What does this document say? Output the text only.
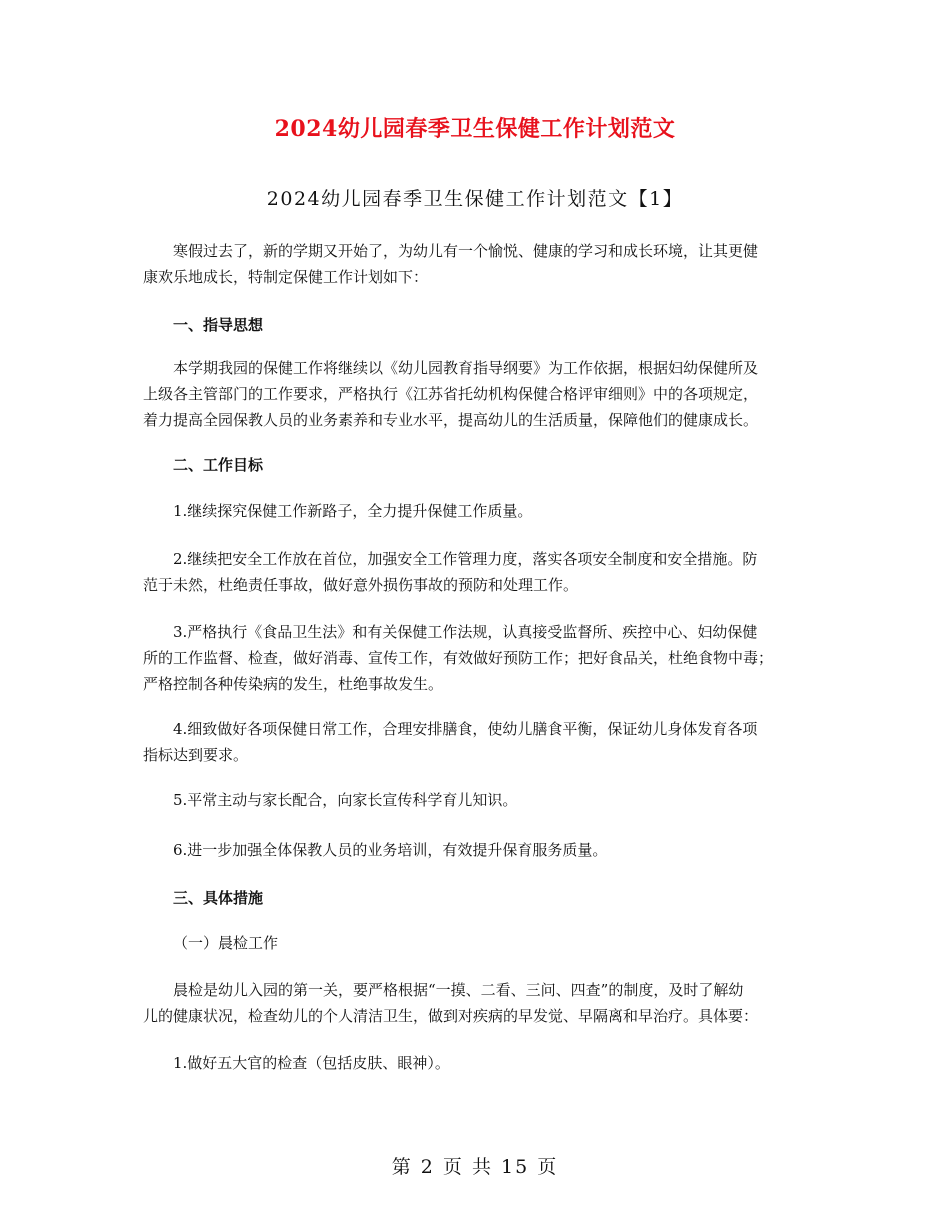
2024幼儿园春季卫生保健工作计划范文
2024幼儿园春季卫生保健工作计划范文【1】
寒假过去了，新的学期又开始了，为幼儿有一个愉悦、健康的学习和成长环境，让其更健
康欢乐地成长，特制定保健工作计划如下：
一、指导思想
本学期我园的保健工作将继续以《幼儿园教育指导纲要》为工作依据，根据妇幼保健所及
上级各主管部门的工作要求，严格执行《江苏省托幼机构保健合格评审细则》中的各项规定，
着力提高全园保教人员的业务素养和专业水平，提高幼儿的生活质量，保障他们的健康成长。
二、工作目标
1.继续探究保健工作新路子，全力提升保健工作质量。
2.继续把安全工作放在首位，加强安全工作管理力度，落实各项安全制度和安全措施。防
范于未然，杜绝责任事故，做好意外损伤事故的预防和处理工作。
3.严格执行《食品卫生法》和有关保健工作法规，认真接受监督所、疾控中心、妇幼保健
所的工作监督、检查，做好消毒、宣传工作，有效做好预防工作；把好食品关，杜绝食物中毒；
严格控制各种传染病的发生，杜绝事故发生。
4.细致做好各项保健日常工作，合理安排膳食，使幼儿膳食平衡，保证幼儿身体发育各项
指标达到要求。
5.平常主动与家长配合，向家长宣传科学育儿知识。
6.进一步加强全体保教人员的业务培训，有效提升保育服务质量。
三、具体措施
（一）晨检工作
晨检是幼儿入园的第一关，要严格根据“一摸、二看、三问、四查”的制度，及时了解幼
儿的健康状况，检查幼儿的个人清洁卫生，做到对疾病的早发觉、早隔离和早治疗。具体要：
1.做好五大官的检查（包括皮肤、眼神）。
第 2 页 共 15 页
